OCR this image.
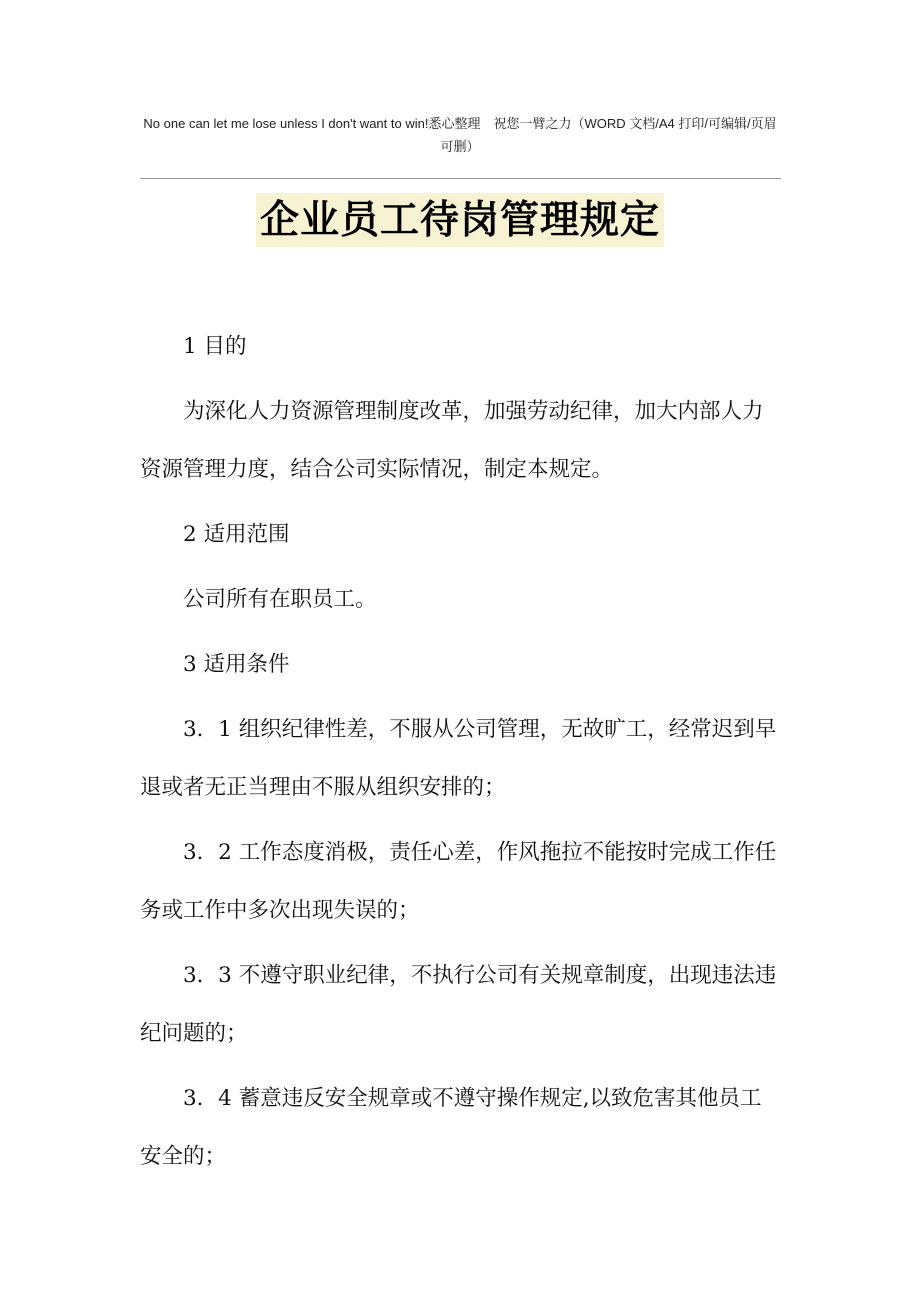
No one can let me lose unless I don't want to win!悉心整理　祝您一臂之力（WORD 文档/A4 打印/可编辑/页眉可删）
企业员工待岗管理规定

1 目的

为深化人力资源管理制度改革，加强劳动纪律，加大内部人力资源管理力度，结合公司实际情况，制定本规定。

2 适用范围

公司所有在职员工。

3 适用条件

3．1 组织纪律性差，不服从公司管理，无故旷工，经常迟到早退或者无正当理由不服从组织安排的；

3．2 工作态度消极，责任心差，作风拖拉不能按时完成工作任务或工作中多次出现失误的；

3．3 不遵守职业纪律，不执行公司有关规章制度，出现违法违纪问题的；

3．4 蓄意违反安全规章或不遵守操作规定,以致危害其他员工安全的；
